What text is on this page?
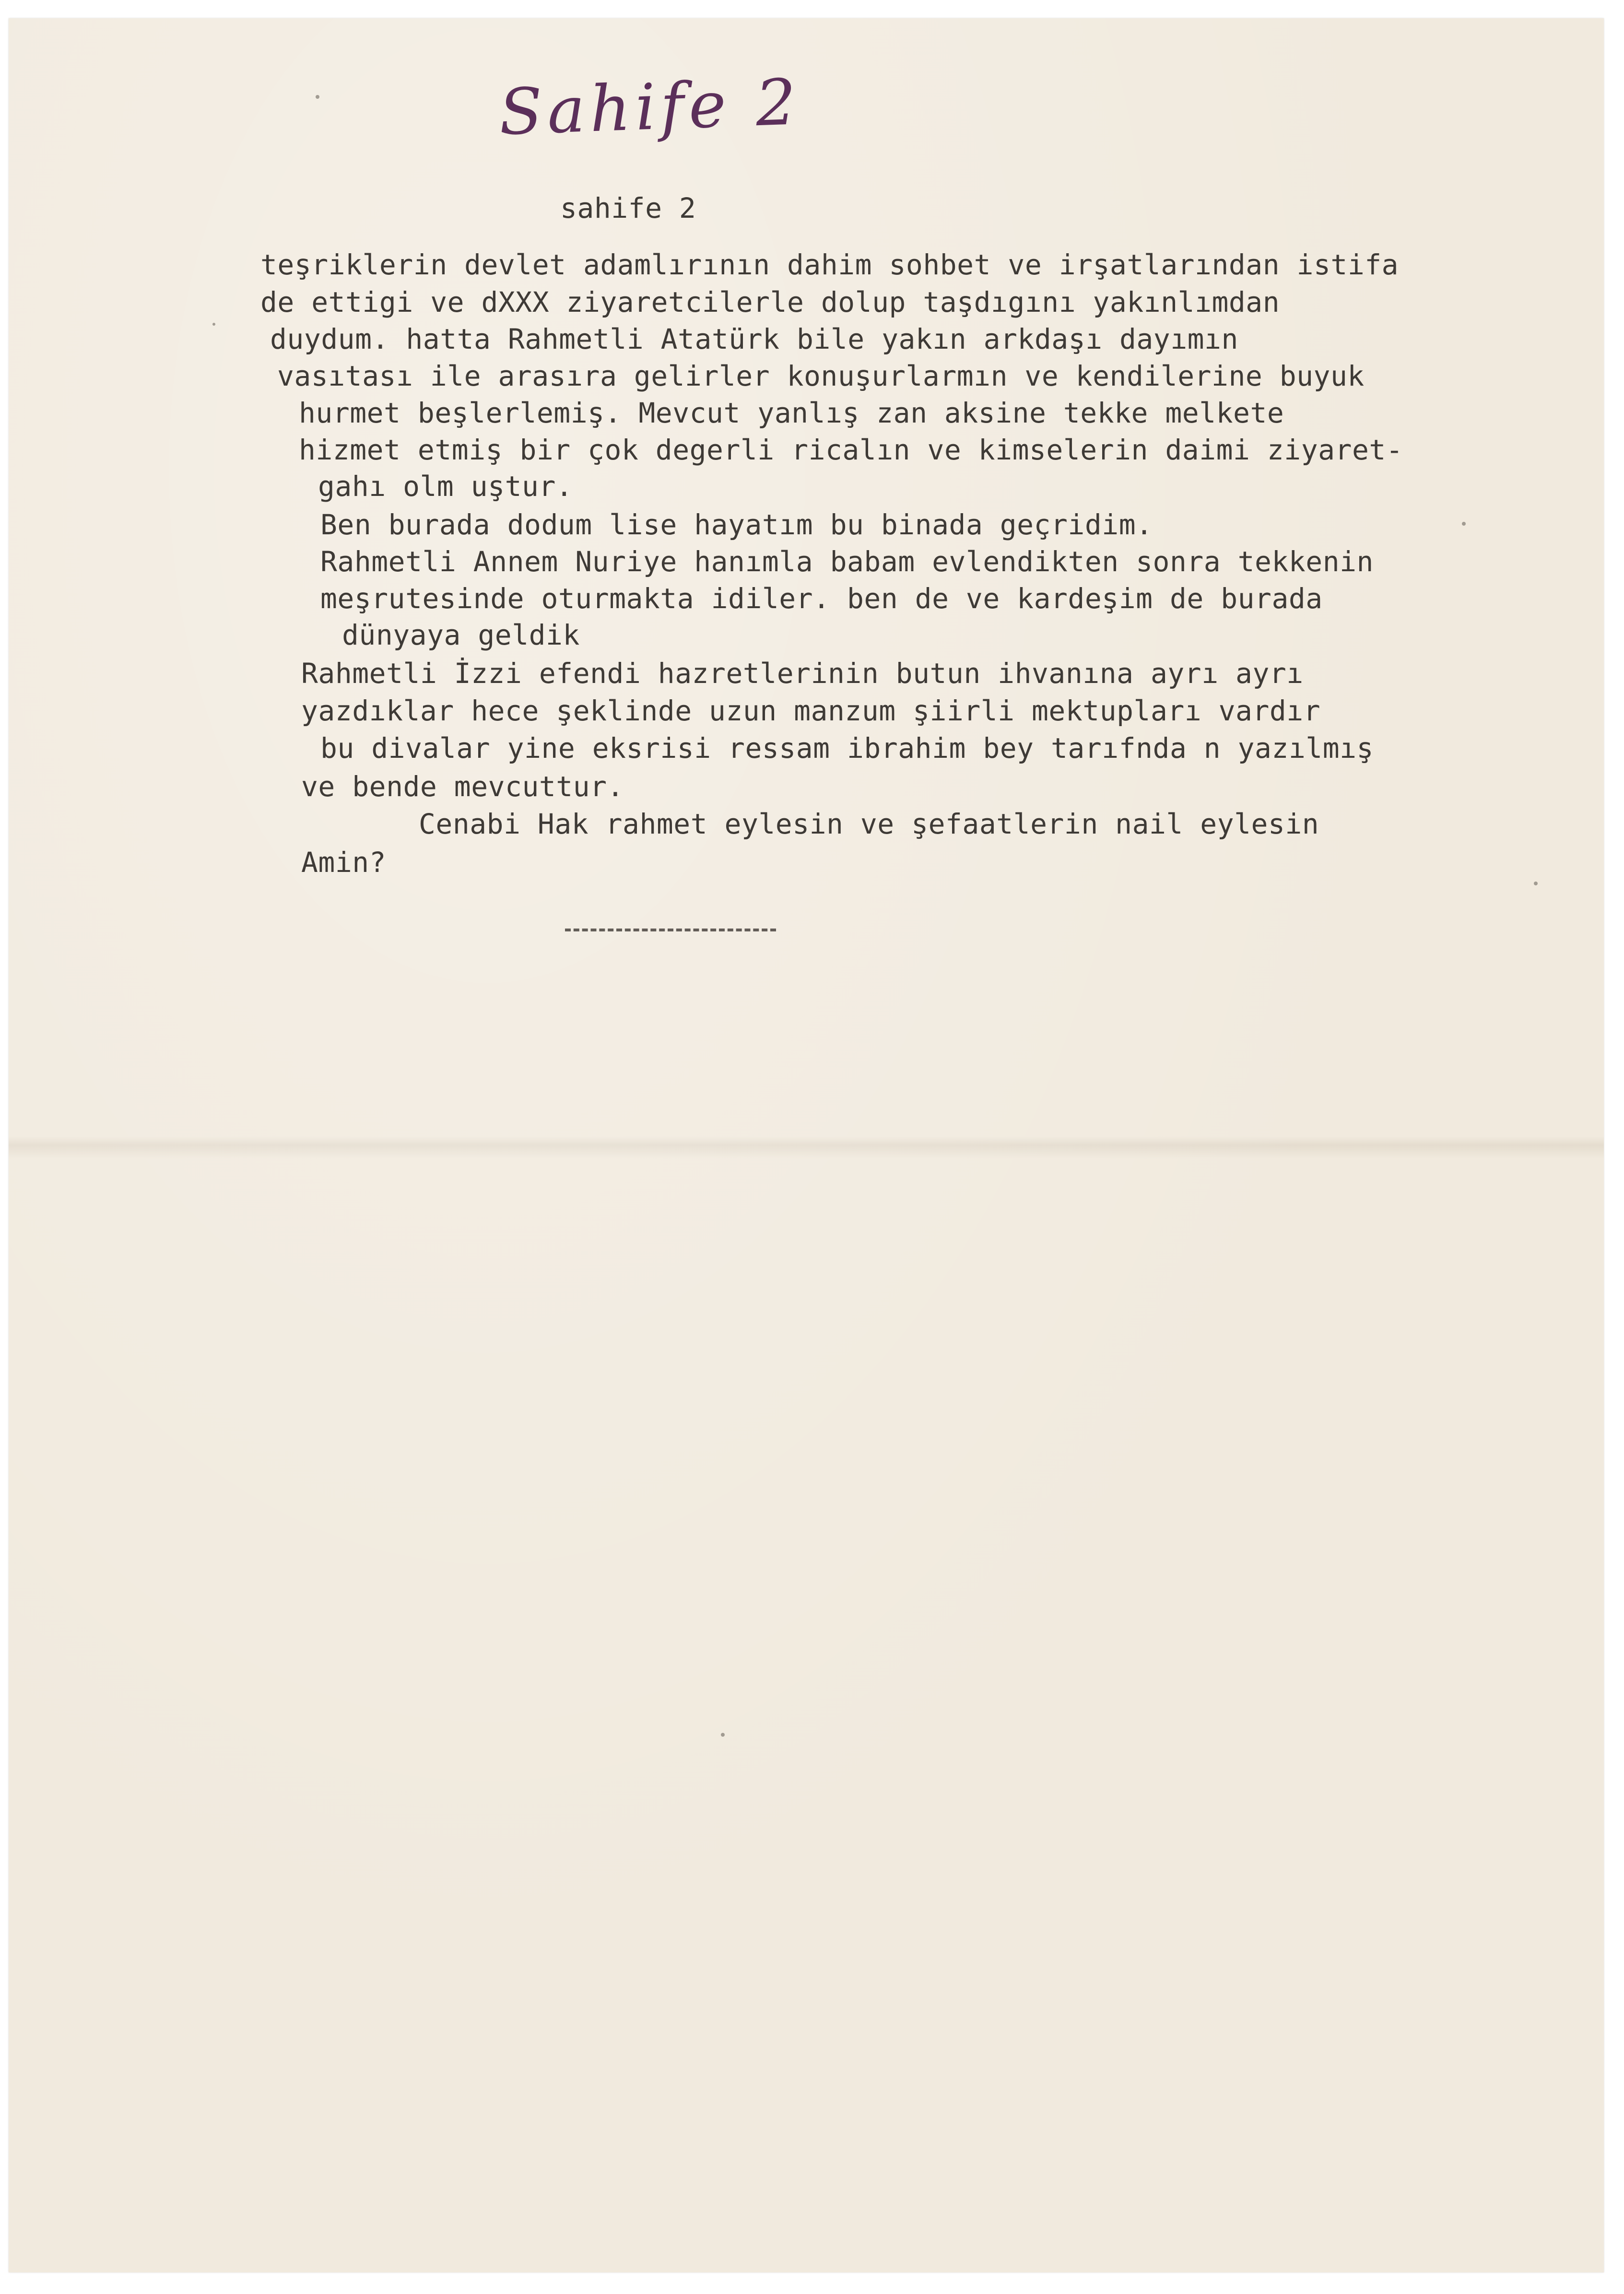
Sahife 2
sahife 2
teşriklerin devlet adamlırının dahim sohbet ve irşatlarından istifa
de ettigi ve dXXX ziyaretcilerle dolup taşdıgını yakınlımdan
duydum. hatta Rahmetli Atatürk bile yakın arkdaşı dayımın
vasıtası ile arasıra gelirler konuşurlarmın ve kendilerine buyuk
hurmet beşlerlemiş. Mevcut yanlış zan aksine tekke melkete
hizmet etmiş bir çok degerli ricalın ve kimselerin daimi ziyaret-
gahı olm uştur.
Ben burada dodum lise hayatım bu binada geçridim.
Rahmetli Annem Nuriye hanımla babam evlendikten sonra tekkenin
meşrutesinde oturmakta idiler. ben de ve kardeşim de burada
dünyaya geldik
Rahmetli İzzi efendi hazretlerinin butun ihvanına ayrı ayrı
yazdıklar hece şeklinde uzun manzum şiirli mektupları vardır
bu divalar yine eksrisi ressam ibrahim bey tarıfnda n yazılmış
ve bende mevcuttur.
Cenabi Hak rahmet eylesin ve şefaatlerin nail eylesin
Amin?
